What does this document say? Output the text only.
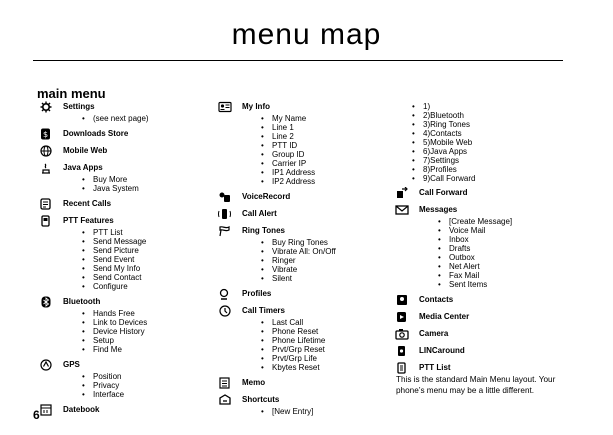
menu map
main menu
Settings
• (see next page)
$ Downloads Store
Mobile Web
Java Apps
• Buy More
• Java System
Recent Calls
PTT Features
• PTT List
• Send Message
• Send Picture
• Send Event
• Send My Info
• Send Contact
• Configure
Bluetooth
• Hands Free
• Link to Devices
• Device History
• Setup
• Find Me
GPS
• Position
• Privacy
• Interface
Datebook
My Info
• My Name
• Line 1
• Line 2
• PTT ID
• Group ID
• Carrier IP
• IP1 Address
• IP2 Address
VoiceRecord
Call Alert
Ring Tones
• Buy Ring Tones
• Vibrate All: On/Off
• Ringer
• Vibrate
• Silent
Profiles
Call Timers
• Last Call
• Phone Reset
• Phone Lifetime
• Prvt/Grp Reset
• Prvt/Grp Life
• Kbytes Reset
Memo
Shortcuts
• [New Entry]
• 1)
• 2)Bluetooth
• 3)Ring Tones
• 4)Contacts
• 5)Mobile Web
• 6)Java Apps
• 7)Settings
• 8)Profiles
• 9)Call Forward
Call Forward
Messages
• [Create Message]
• Voice Mail
• Inbox
• Drafts
• Outbox
• Net Alert
• Fax Mail
• Sent Items
Contacts
Media Center
Camera
LINCaround
PTT List
6
This is the standard Main Menu layout. Your phone’s menu may be a little different.
